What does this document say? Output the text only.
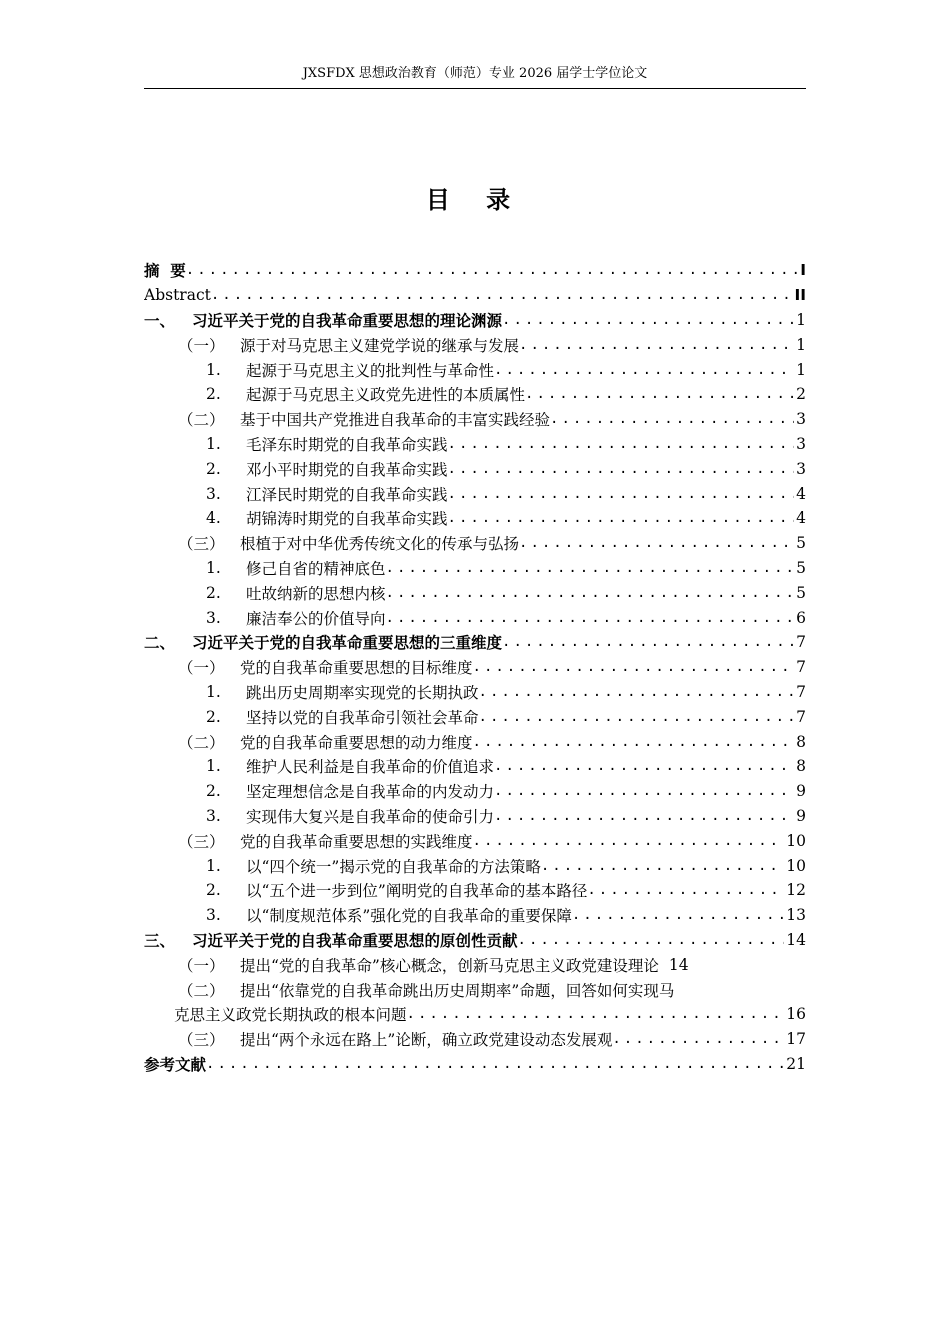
JXSFDX 思想政治教育（师范）专业 2026 届学士学位论文
目 录
摘  要 .....	I
Abstract .....	II
一、	习近平关于党的自我革命重要思想的理论渊源 .....	1
（一） 源于对马克思主义建党学说的继承与发展 .....	1
1.	起源于马克思主义的批判性与革命性 .....	1
2.	起源于马克思主义政党先进性的本质属性 .....	2
（二） 基于中国共产党推进自我革命的丰富实践经验 .....	3
1.	毛泽东时期党的自我革命实践 .....	3
2.	邓小平时期党的自我革命实践 .....	3
3.	江泽民时期党的自我革命实践 .....	4
4.	胡锦涛时期党的自我革命实践 .....	4
（三） 根植于对中华优秀传统文化的传承与弘扬 .....	5
1.	修己自省的精神底色 .....	5
2.	吐故纳新的思想内核 .....	5
3.	廉洁奉公的价值导向 .....	6
二、	习近平关于党的自我革命重要思想的三重维度 .....	7
（一） 党的自我革命重要思想的目标维度 .....	7
1.	跳出历史周期率实现党的长期执政 .....	7
2.	坚持以党的自我革命引领社会革命 .....	7
（二） 党的自我革命重要思想的动力维度 .....	8
1.	维护人民利益是自我革命的价值追求 .....	8
2.	坚定理想信念是自我革命的内发动力 .....	9
3.	实现伟大复兴是自我革命的使命引力 .....	9
（三） 党的自我革命重要思想的实践维度 .....	10
1.	以“四个统一”揭示党的自我革命的方法策略 .....	10
2.	以“五个进一步到位”阐明党的自我革命的基本路径 .....	12
3.	以“制度规范体系”强化党的自我革命的重要保障 .....	13
三、	习近平关于党的自我革命重要思想的原创性贡献 .....	14
（一） 提出“党的自我革命”核心概念，创新马克思主义政党建设理论 14
（二） 提出“依靠党的自我革命跳出历史周期率”命题，回答如何实现马
克思主义政党长期执政的根本问题 .....	16
（三） 提出“两个永远在路上”论断，确立政党建设动态发展观 .....	17
参考文献 .....	21
